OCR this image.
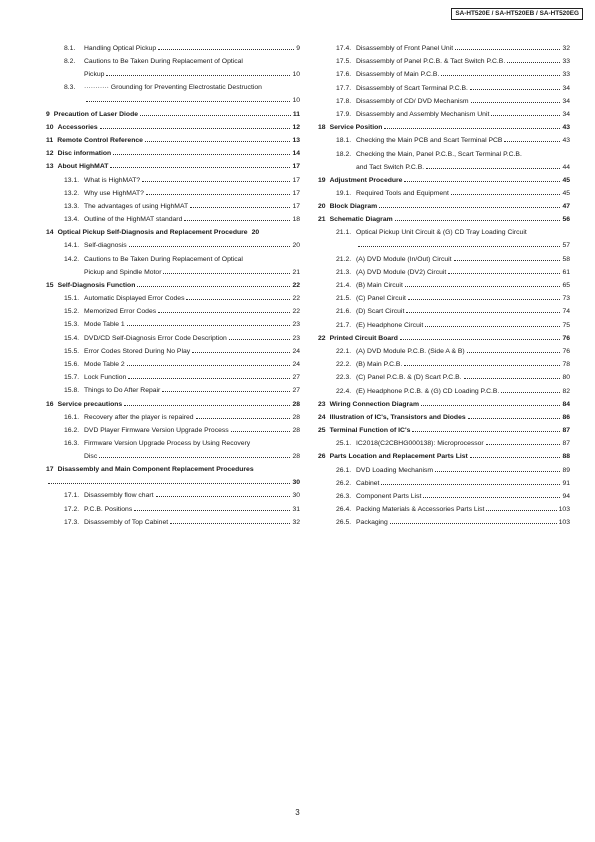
SA-HT520E / SA-HT520EB / SA-HT520EG
8.1. Handling Optical Pickup	9
8.2. Cautions to Be Taken During Replacement of Optical
Pickup	10
8.3. ··········· Grounding for Preventing Electrostatic Destruction
10
9 Precaution of Laser Diode	11
10 Accessories	12
11 Remote Control Reference	13
12 Disc information	14
13 About HighMAT	17
13.1. What is HighMAT?	17
13.2. Why use HighMAT?	17
13.3. The advantages of using HighMAT	17
13.4. Outline of the HighMAT standard	18
14 Optical Pickup Self-Diagnosis and Replacement Procedure 20
14.1. Self-diagnosis	20
14.2. Cautions to Be Taken During Replacement of Optical
Pickup and Spindle Motor	21
15 Self-Diagnosis Function	22
15.1. Automatic Displayed Error Codes	22
15.2. Memorized Error Codes	22
15.3. Mode Table 1	23
15.4. DVD/CD Self-Diagnosis Error Code Description	23
15.5. Error Codes Stored During No Play	24
15.6. Mode Table 2	24
15.7. Lock Function	27
15.8. Things to Do After Repair	27
16 Service precautions	28
16.1. Recovery after the player is repaired	28
16.2. DVD Player Firmware Version Upgrade Process	28
16.3. Firmware Version Upgrade Process by Using Recovery
Disc	28
17 Disassembly and Main Component Replacement Procedures
30
17.1. Disassembly flow chart	30
17.2. P.C.B. Positions	31
17.3. Disassembly of Top Cabinet	32
17.4. Disassembly of Front Panel Unit	32
17.5. Disassembly of Panel P.C.B. & Tact Switch P.C.B.	33
17.6. Disassembly of Main P.C.B.	33
17.7. Disassembly of Scart Terminal P.C.B.	34
17.8. Disassembly of CD/ DVD Mechanism	34
17.9. Disassembly and Assembly Mechanism Unit	34
18 Service Position	43
18.1. Checking the Main PCB and Scart Terminal PCB	43
18.2. Checking the Main, Panel P.C.B., Scart Terminal P.C.B.
and Tact Switch P.C.B.	44
19 Adjustment Procedure	45
19.1. Required Tools and Equipment	45
20 Block Diagram	47
21 Schematic Diagram	56
21.1. Optical Pickup Unit Circuit & (G) CD Tray Loading Circuit
57
21.2. (A) DVD Module (In/Out) Circuit	58
21.3. (A) DVD Module (DV2) Circuit	61
21.4. (B) Main Circuit	65
21.5. (C) Panel Circuit	73
21.6. (D) Scart Circuit	74
21.7. (E) Headphone Circuit	75
22 Printed Circuit Board	76
22.1. (A) DVD Module P.C.B. (Side A & B)	76
22.2. (B) Main P.C.B.	78
22.3. (C) Panel P.C.B. & (D) Scart P.C.B.	80
22.4. (E) Headphone P.C.B. & (G) CD Loading P.C.B.	82
23 Wiring Connection Diagram	84
24 Illustration of IC's, Transistors and Diodes	86
25 Terminal Function of IC's	87
25.1. IC2018(C2CBHG000138): Microprocessor	87
26 Parts Location and Replacement Parts List	88
26.1. DVD Loading Mechanism	89
26.2. Cabinet	91
26.3. Component Parts List	94
26.4. Packing Materials & Accessories Parts List	103
26.5. Packaging	103
3
